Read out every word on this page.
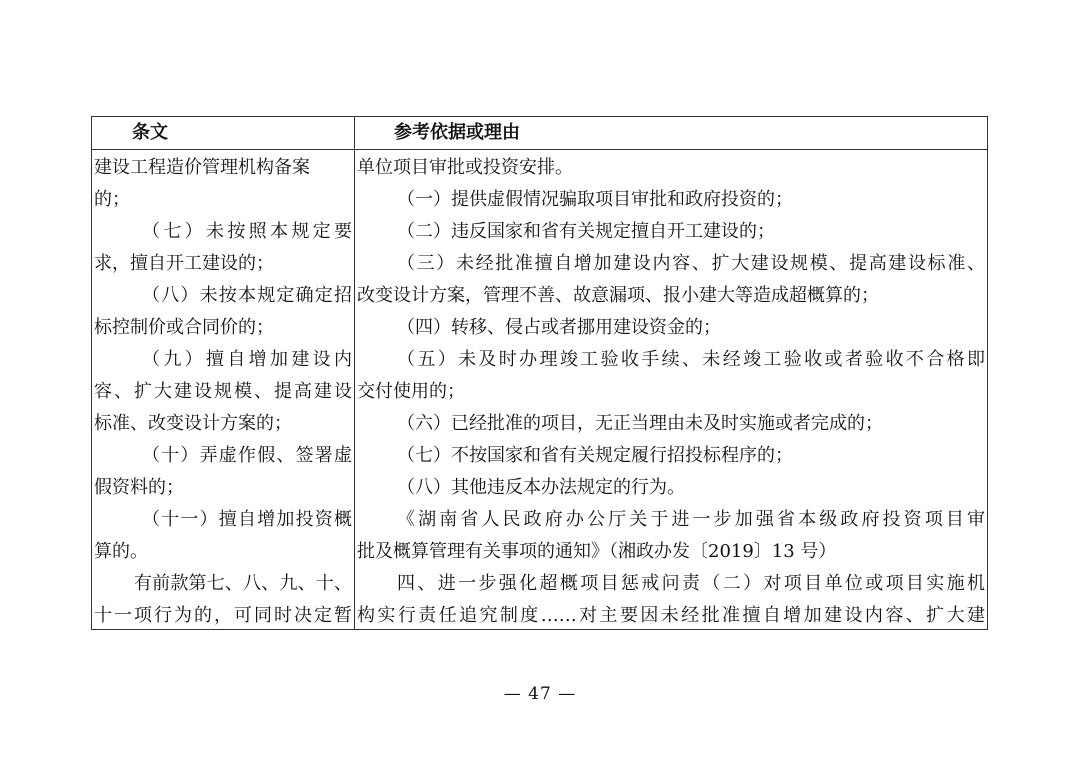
条文	参考依据或理由
建设工程造价管理机构备案
的；
（七）未按照本规定要
求，擅自开工建设的；
（八）未按本规定确定招
标控制价或合同价的；
（九）擅自增加建设内
容、扩大建设规模、提高建设
标准、改变设计方案的；
（十）弄虚作假、签署虚
假资料的；
（十一）擅自增加投资概
算的。
有前款第七、八、九、十、
十一项行为的，可同时决定暂
单位项目审批或投资安排。
（一）提供虚假情况骗取项目审批和政府投资的；
（二）违反国家和省有关规定擅自开工建设的；
（三）未经批准擅自增加建设内容、扩大建设规模、提高建设标准、
改变设计方案，管理不善、故意漏项、报小建大等造成超概算的；
（四）转移、侵占或者挪用建设资金的；
（五）未及时办理竣工验收手续、未经竣工验收或者验收不合格即
交付使用的；
（六）已经批准的项目，无正当理由未及时实施或者完成的；
（七）不按国家和省有关规定履行招投标程序的；
（八）其他违反本办法规定的行为。
《湖南省人民政府办公厅关于进一步加强省本级政府投资项目审
批及概算管理有关事项的通知》（湘政办发〔2019〕13 号）
四、进一步强化超概项目惩戒问责（二）对项目单位或项目实施机
构实行责任追究制度……对主要因未经批准擅自增加建设内容、扩大建
— 47 —
